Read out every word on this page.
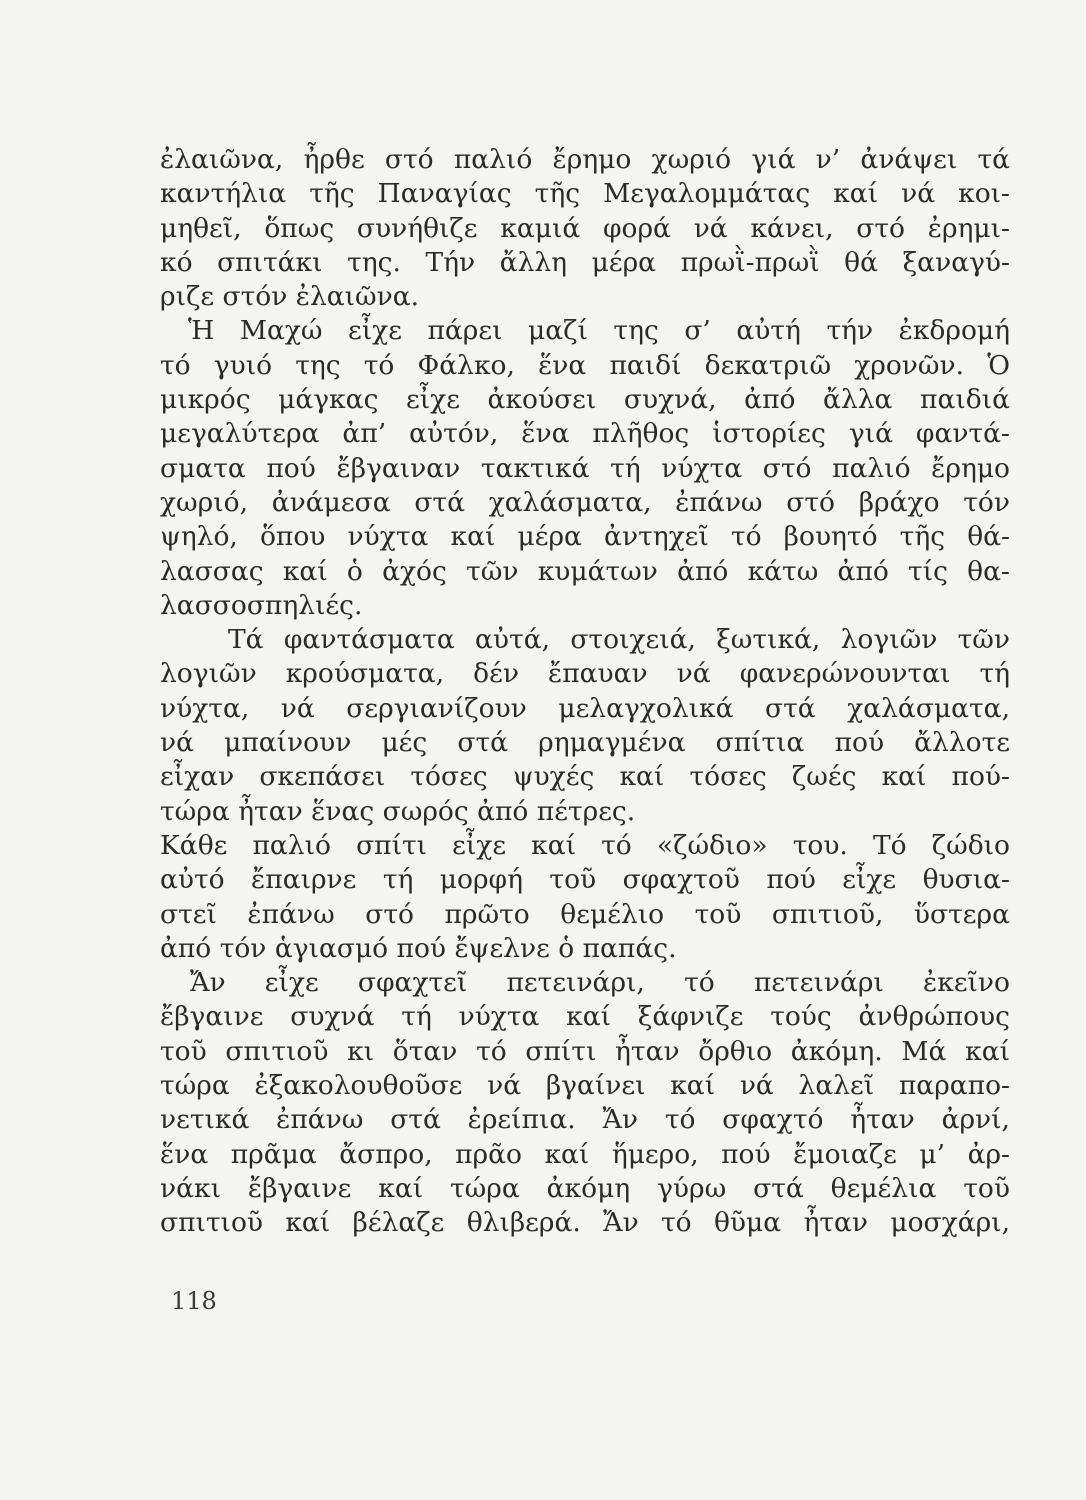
ἐλαιῶνα, ἦρθε στό παλιό ἔρημο χωριό γιά ν’ ἀνάψει τά
καντήλια τῆς Παναγίας τῆς Μεγαλομμάτας καί νά κοι-
μηθεῖ, ὅπως συνήθιζε καμιά φορά νά κάνει, στό ἐρημι-
κό σπιτάκι της. Τήν ἄλλη μέρα πρωῒ-πρωῒ θά ξαναγύ-
ριζε στόν ἐλαιῶνα.
Ἡ Μαχώ εἶχε πάρει μαζί της σ’ αὐτή τήν ἐκδρομή
τό γυιό της τό Φάλκο, ἕνα παιδί δεκατριῶ χρονῶν. Ὁ
μικρός μάγκας εἶχε ἀκούσει συχνά, ἀπό ἄλλα παιδιά
μεγαλύτερα ἀπ’ αὐτόν, ἕνα πλῆθος ἱστορίες γιά φαντά-
σματα πού ἔβγαιναν τακτικά τή νύχτα στό παλιό ἔρημο
χωριό, ἀνάμεσα στά χαλάσματα, ἐπάνω στό βράχο τόν
ψηλό, ὅπου νύχτα καί μέρα ἀντηχεῖ τό βουητό τῆς θά-
λασσας καί ὁ ἀχός τῶν κυμάτων ἀπό κάτω ἀπό τίς θα-
λασσοσπηλιές.
Τά φαντάσματα αὐτά, στοιχειά, ξωτικά, λογιῶν τῶν
λογιῶν κρούσματα, δέν ἔπαυαν νά φανερώνουνται τή
νύχτα, νά σεργιανίζουν μελαγχολικά στά χαλάσματα,
νά μπαίνουν μές στά ρημαγμένα σπίτια πού ἄλλοτε
εἶχαν σκεπάσει τόσες ψυχές καί τόσες ζωές καί πού-
τώρα ἦταν ἕνας σωρός ἀπό πέτρες.
Κάθε παλιό σπίτι εἶχε καί τό «ζώδιο» του. Τό ζώδιο
αὐτό ἔπαιρνε τή μορφή τοῦ σφαχτοῦ πού εἶχε θυσια-
στεῖ ἐπάνω στό πρῶτο θεμέλιο τοῦ σπιτιοῦ, ὕστερα
ἀπό τόν ἁγιασμό πού ἔψελνε ὁ παπάς.
Ἄν εἶχε σφαχτεῖ πετεινάρι, τό πετεινάρι ἐκεῖνο
ἔβγαινε συχνά τή νύχτα καί ξάφνιζε τούς ἀνθρώπους
τοῦ σπιτιοῦ κι ὅταν τό σπίτι ἦταν ὄρθιο ἀκόμη. Μά καί
τώρα ἐξακολουθοῦσε νά βγαίνει καί νά λαλεῖ παραπο-
νετικά ἐπάνω στά ἐρείπια. Ἄν τό σφαχτό ἦταν ἀρνί,
ἕνα πρᾶμα ἄσπρο, πρᾶο καί ἥμερο, πού ἔμοιαζε μ’ ἀρ-
νάκι ἔβγαινε καί τώρα ἀκόμη γύρω στά θεμέλια τοῦ
σπιτιοῦ καί βέλαζε θλιβερά. Ἄν τό θῦμα ἦταν μοσχάρι,
118
